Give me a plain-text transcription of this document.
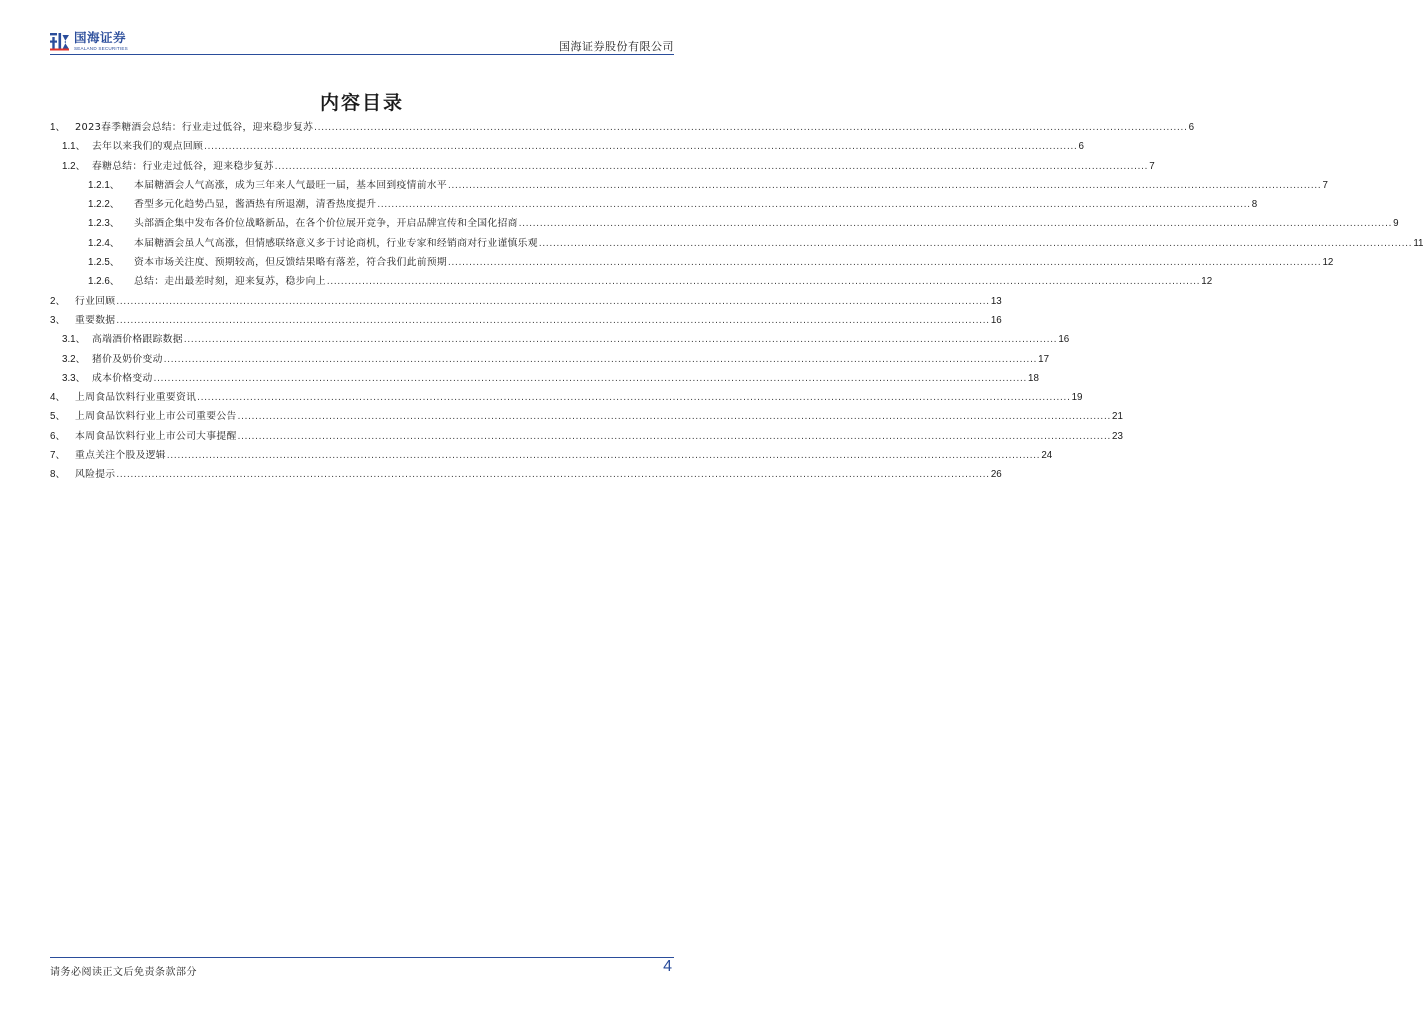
国海证券
SEALAND SECURITIES	国海证券股份有限公司
内容目录
1、 2023春季糖酒会总结：行业走过低谷，迎来稳步复苏 .....	6
1.1、 去年以来我们的观点回顾 .....	6
1.2、 春糖总结：行业走过低谷，迎来稳步复苏 .....	7
1.2.1、	本届糖酒会人气高涨，成为三年来人气最旺一届，基本回到疫情前水平 .....	7
1.2.2、	香型多元化趋势凸显，酱酒热有所退潮，清香热度提升 .....	8
1.2.3、	头部酒企集中发布各价位战略新品，在各个价位展开竞争，开启品牌宣传和全国化招商 .....	9
1.2.4、	本届糖酒会虽人气高涨，但情感联络意义多于讨论商机，行业专家和经销商对行业谨慎乐观 .....	11
1.2.5、	资本市场关注度、预期较高，但反馈结果略有落差，符合我们此前预期 .....	12
1.2.6、	总结：走出最差时刻，迎来复苏，稳步向上 .....	12
2、 行业回顾 .....	13
3、 重要数据 .....	16
3.1、 高端酒价格跟踪数据 .....	16
3.2、 猪价及奶价变动 .....	17
3.3、 成本价格变动 .....	18
4、 上周食品饮料行业重要资讯 .....	19
5、 上周食品饮料行业上市公司重要公告 .....	21
6、 本周食品饮料行业上市公司大事提醒 .....	23
7、 重点关注个股及逻辑 .....	24
8、 风险提示 .....	26
请务必阅读正文后免责条款部分	4
